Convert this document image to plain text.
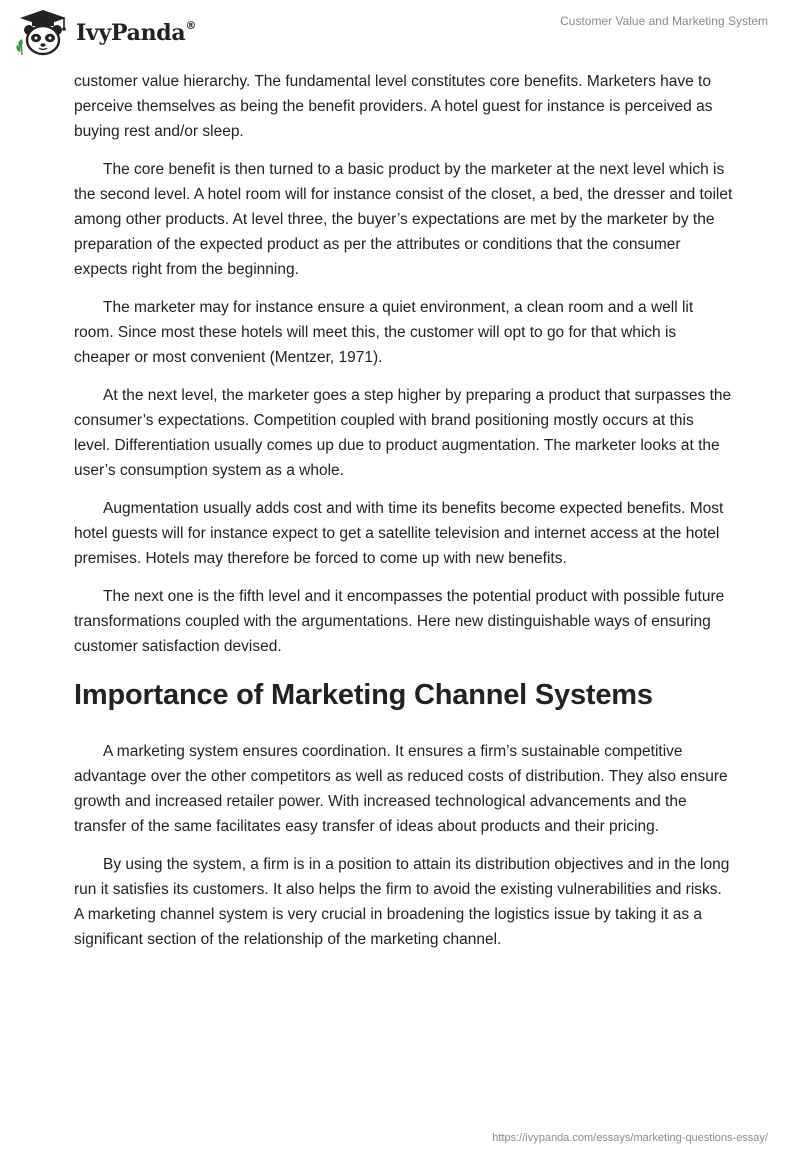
IvyPanda®	Customer Value and Marketing System

customer value hierarchy. The fundamental level constitutes core benefits. Marketers have to perceive themselves as being the benefit providers. A hotel guest for instance is perceived as buying rest and/or sleep.

The core benefit is then turned to a basic product by the marketer at the next level which is the second level. A hotel room will for instance consist of the closet, a bed, the dresser and toilet among other products. At level three, the buyer’s expectations are met by the marketer by the preparation of the expected product as per the attributes or conditions that the consumer expects right from the beginning.

The marketer may for instance ensure a quiet environment, a clean room and a well lit room. Since most these hotels will meet this, the customer will opt to go for that which is cheaper or most convenient (Mentzer, 1971).

At the next level, the marketer goes a step higher by preparing a product that surpasses the consumer’s expectations. Competition coupled with brand positioning mostly occurs at this level. Differentiation usually comes up due to product augmentation. The marketer looks at the user’s consumption system as a whole.

Augmentation usually adds cost and with time its benefits become expected benefits. Most hotel guests will for instance expect to get a satellite television and internet access at the hotel premises. Hotels may therefore be forced to come up with new benefits.

The next one is the fifth level and it encompasses the potential product with possible future transformations coupled with the argumentations. Here new distinguishable ways of ensuring customer satisfaction devised.

Importance of Marketing Channel Systems

A marketing system ensures coordination. It ensures a firm’s sustainable competitive advantage over the other competitors as well as reduced costs of distribution. They also ensure growth and increased retailer power. With increased technological advancements and the transfer of the same facilitates easy transfer of ideas about products and their pricing.

By using the system, a firm is in a position to attain its distribution objectives and in the long run it satisfies its customers. It also helps the firm to avoid the existing vulnerabilities and risks. A marketing channel system is very crucial in broadening the logistics issue by taking it as a significant section of the relationship of the marketing channel.

https://ivypanda.com/essays/marketing-questions-essay/
